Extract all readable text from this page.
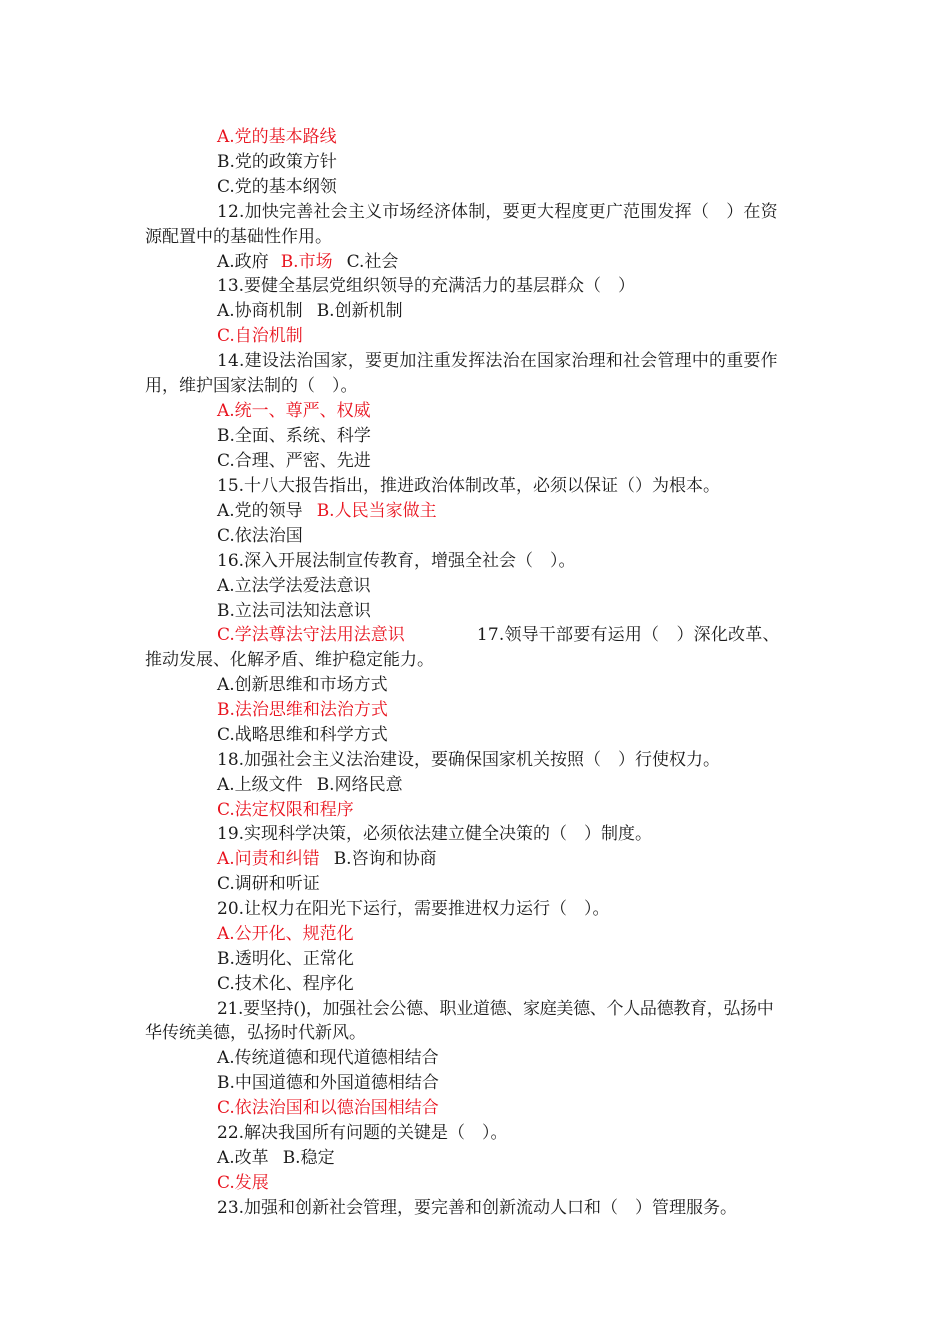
A.党的基本路线
B.党的政策方针
C.党的基本纲领
12.加快完善社会主义市场经济体制，要更大程度更广范围发挥（　）在资
源配置中的基础性作用。
A.政府 B.市场 C.社会
13.要健全基层党组织领导的充满活力的基层群众（　）
A.协商机制 B.创新机制
C.自治机制
14.建设法治国家，要更加注重发挥法治在国家治理和社会管理中的重要作
用，维护国家法制的（　）。
A.统一、尊严、权威
B.全面、系统、科学
C.合理、严密、先进
15.十八大报告指出，推进政治体制改革，必须以保证（）为根本。
A.党的领导 B.人民当家做主
C.依法治国
16.深入开展法制宣传教育，增强全社会（　）。
A.立法学法爱法意识
B.立法司法知法意识
C.学法尊法守法用法意识	17.领导干部要有运用（　）深化改革、
推动发展、化解矛盾、维护稳定能力。
A.创新思维和市场方式
B.法治思维和法治方式
C.战略思维和科学方式
18.加强社会主义法治建设，要确保国家机关按照（　）行使权力。
A.上级文件 B.网络民意
C.法定权限和程序
19.实现科学决策，必须依法建立健全决策的（　）制度。
A.问责和纠错 B.咨询和协商
C.调研和听证
20.让权力在阳光下运行，需要推进权力运行（　）。
A.公开化、规范化
B.透明化、正常化
C.技术化、程序化
21.要坚持()，加强社会公德、职业道德、家庭美德、个人品德教育，弘扬中
华传统美德，弘扬时代新风。
A.传统道德和现代道德相结合
B.中国道德和外国道德相结合
C.依法治国和以德治国相结合
22.解决我国所有问题的关键是（　）。
A.改革 B.稳定
C.发展
23.加强和创新社会管理，要完善和创新流动人口和（　）管理服务。
